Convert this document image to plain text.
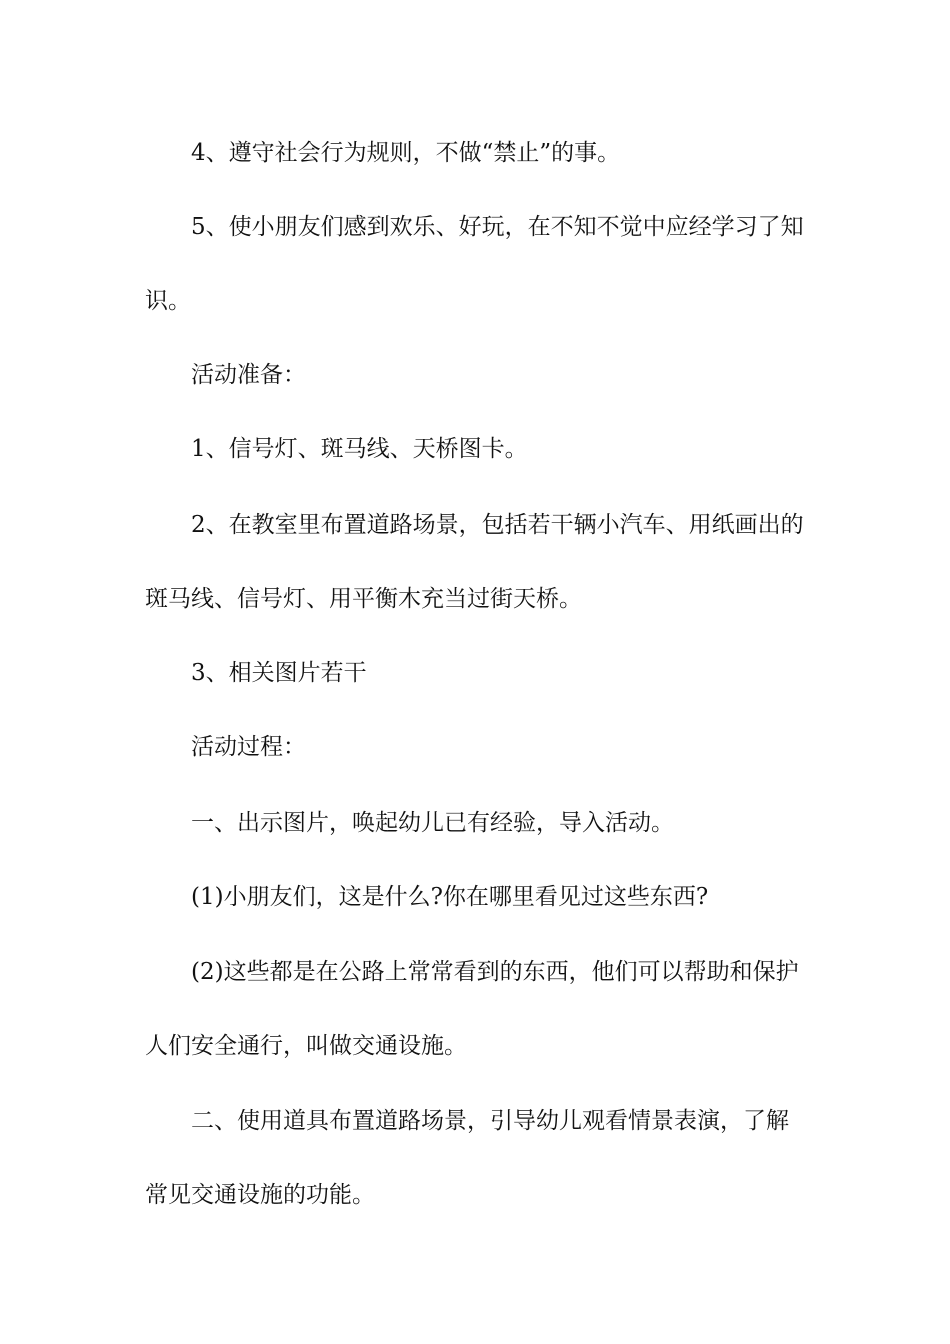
4、遵守社会行为规则，不做“禁止”的事。

5、使小朋友们感到欢乐、好玩，在不知不觉中应经学习了知识。

活动准备：

1、信号灯、斑马线、天桥图卡。

2、在教室里布置道路场景，包括若干辆小汽车、用纸画出的斑马线、信号灯、用平衡木充当过街天桥。

3、相关图片若干

活动过程：

一、出示图片，唤起幼儿已有经验，导入活动。

(1)小朋友们，这是什么?你在哪里看见过这些东西?

(2)这些都是在公路上常常看到的东西，他们可以帮助和保护人们安全通行，叫做交通设施。

二、使用道具布置道路场景，引导幼儿观看情景表演，了解常见交通设施的功能。
